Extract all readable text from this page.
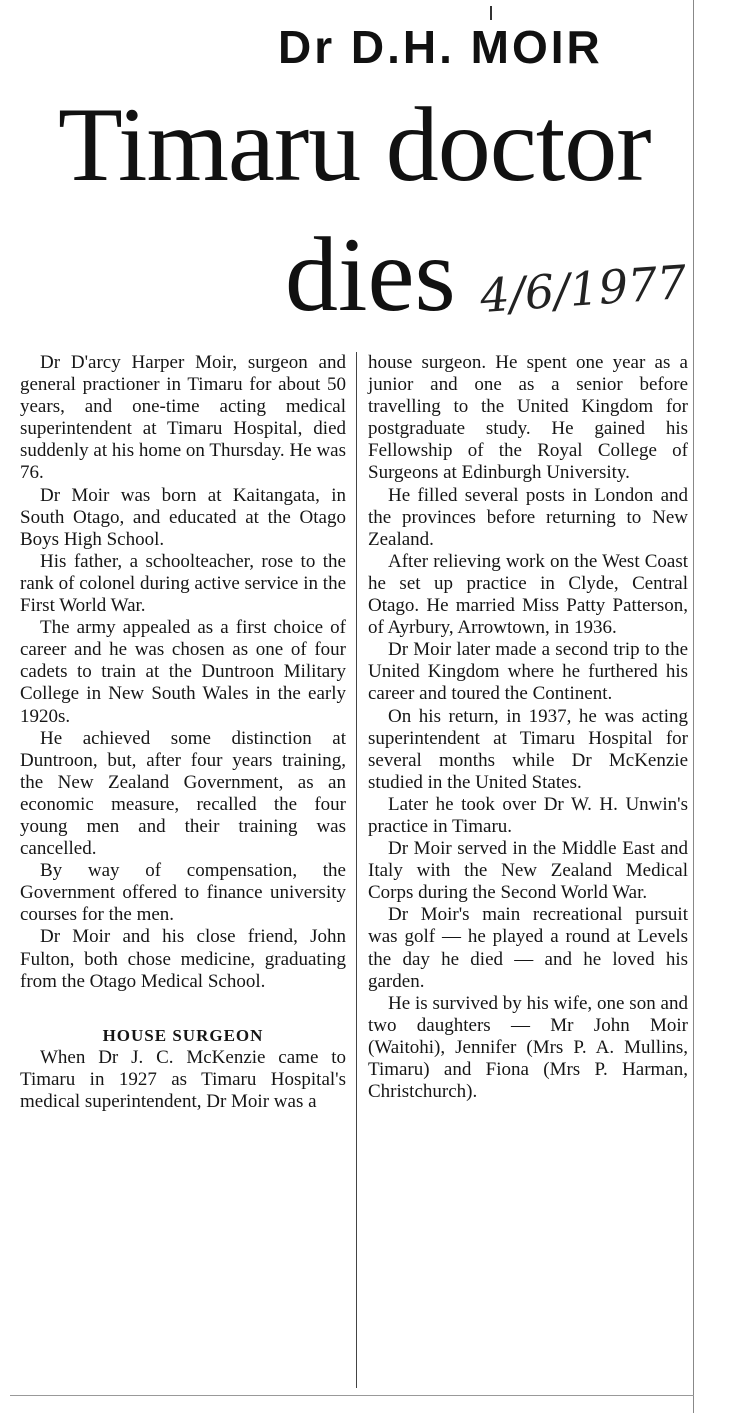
Dr D.H. MOIR
Timaru doctor
dies 4/6/1977

Dr D'arcy Harper Moir, surgeon and general practioner in Timaru for about 50 years, and one-time acting medical superintendent at Timaru Hospital, died suddenly at his home on Thursday. He was 76.

Dr Moir was born at Kaitangata, in South Otago, and educated at the Otago Boys High School.

His father, a schoolteacher, rose to the rank of colonel during active service in the First World War.

The army appealed as a first choice of career and he was chosen as one of four cadets to train at the Duntroon Military College in New South Wales in the early 1920s.

He achieved some distinction at Duntroon, but, after four years training, the New Zealand Government, as an economic measure, recalled the four young men and their training was cancelled.

By way of compensation, the Government offered to finance university courses for the men.

Dr Moir and his close friend, John Fulton, both chose medicine, graduating from the Otago Medical School.

HOUSE SURGEON

When Dr J. C. McKenzie came to Timaru in 1927 as Timaru Hospital's medical superintendent, Dr Moir was a

house surgeon. He spent one year as a junior and one as a senior before travelling to the United Kingdom for postgraduate study. He gained his Fellowship of the Royal College of Surgeons at Edinburgh University.

He filled several posts in London and the provinces before returning to New Zealand.

After relieving work on the West Coast he set up practice in Clyde, Central Otago. He married Miss Patty Patterson, of Ayrbury, Arrowtown, in 1936.

Dr Moir later made a second trip to the United Kingdom where he furthered his career and toured the Continent.

On his return, in 1937, he was acting superintendent at Timaru Hospital for several months while Dr McKenzie studied in the United States.

Later he took over Dr W. H. Unwin's practice in Timaru.

Dr Moir served in the Middle East and Italy with the New Zealand Medical Corps during the Second World War.

Dr Moir's main recreational pursuit was golf — he played a round at Levels the day he died — and he loved his garden.

He is survived by his wife, one son and two daughters — Mr John Moir (Waitohi), Jennifer (Mrs P. A. Mullins, Timaru) and Fiona (Mrs P. Harman, Christchurch).
